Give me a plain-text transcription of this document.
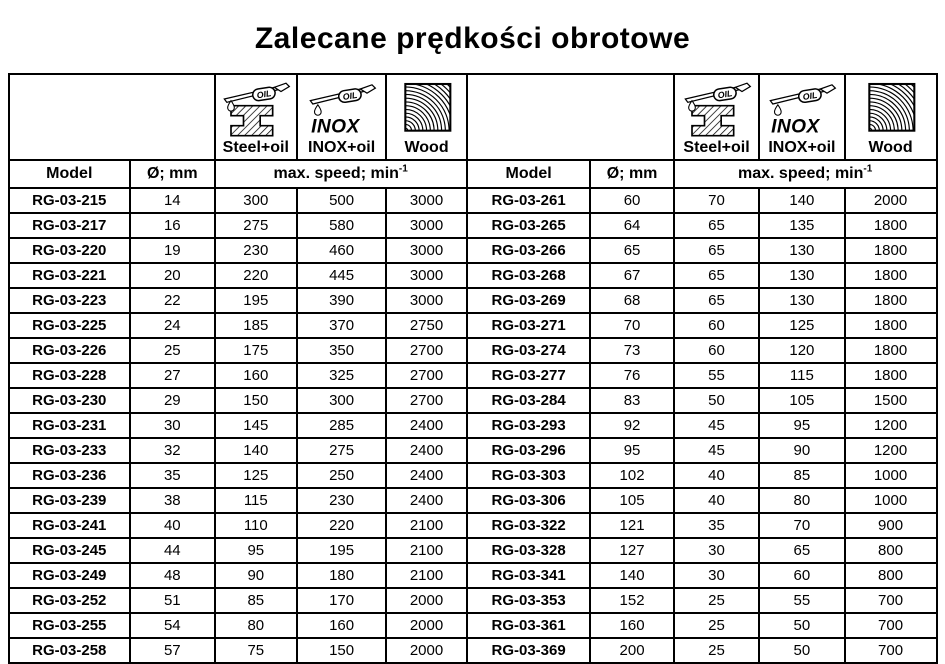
Zalecane prędkości obrotowe

		Steel+oil	INOX+oil	Wood			Steel+oil	INOX+oil	Wood

Model	Ø; mm	max. speed; $\min^{-1}$			Model	Ø; mm	max. speed; $\min^{-1}$
RG-03-215	14	300	500	3000	RG-03-261	60	70	140	2000
RG-03-217	16	275	580	3000	RG-03-265	64	65	135	1800
RG-03-220	19	230	460	3000	RG-03-266	65	65	130	1800
RG-03-221	20	220	445	3000	RG-03-268	67	65	130	1800
RG-03-223	22	195	390	3000	RG-03-269	68	65	130	1800
RG-03-225	24	185	370	2750	RG-03-271	70	60	125	1800
RG-03-226	25	175	350	2700	RG-03-274	73	60	120	1800
RG-03-228	27	160	325	2700	RG-03-277	76	55	115	1800
RG-03-230	29	150	300	2700	RG-03-284	83	50	105	1500
RG-03-231	30	145	285	2400	RG-03-293	92	45	95	1200
RG-03-233	32	140	275	2400	RG-03-296	95	45	90	1200
RG-03-236	35	125	250	2400	RG-03-303	102	40	85	1000
RG-03-239	38	115	230	2400	RG-03-306	105	40	80	1000
RG-03-241	40	110	220	2100	RG-03-322	121	35	70	900
RG-03-245	44	95	195	2100	RG-03-328	127	30	65	800
RG-03-249	48	90	180	2100	RG-03-341	140	30	60	800
RG-03-252	51	85	170	2000	RG-03-353	152	25	55	700
RG-03-255	54	80	160	2000	RG-03-361	160	25	50	700
RG-03-258	57	75	150	2000	RG-03-369	200	25	50	700
